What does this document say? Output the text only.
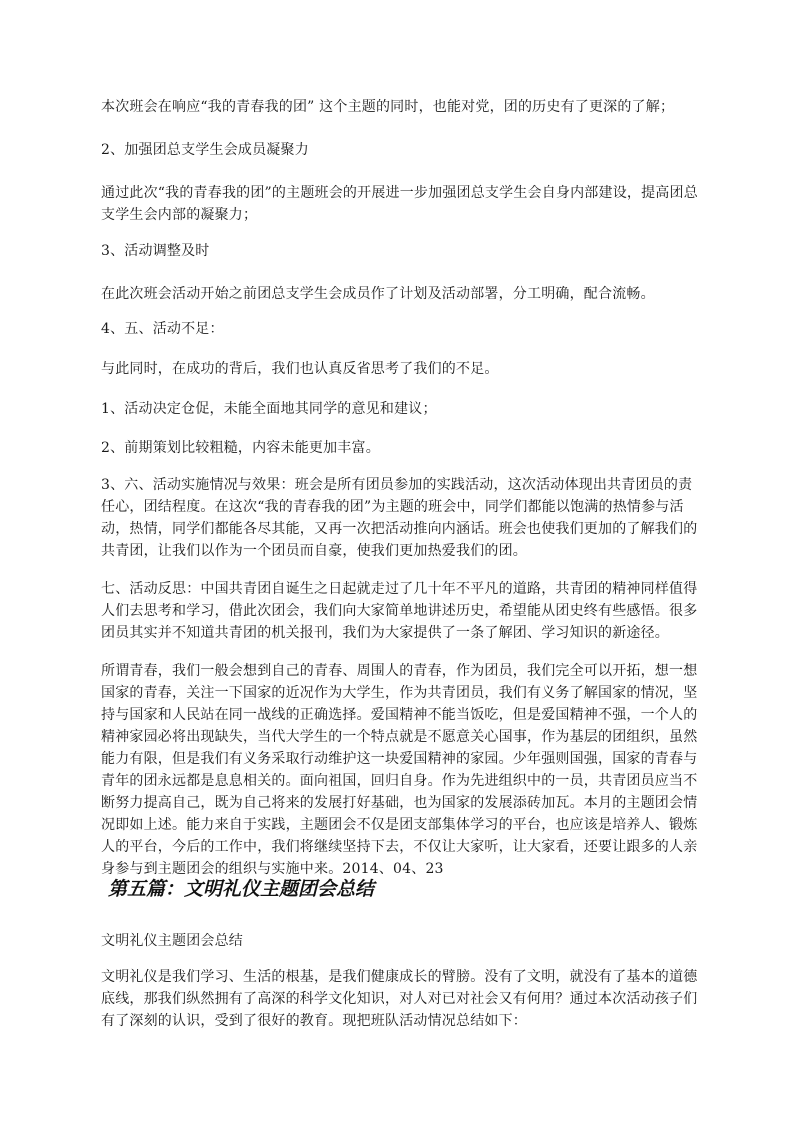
本次班会在响应“我的青春我的团” 这个主题的同时，也能对党，团的历史有了更深的了解；

2、加强团总支学生会成员凝聚力

通过此次“我的青春我的团”的主题班会的开展进一步加强团总支学生会自身内部建设，提高团总支学生会内部的凝聚力；

3、活动调整及时

在此次班会活动开始之前团总支学生会成员作了计划及活动部署，分工明确，配合流畅。

4、五、活动不足：

与此同时，在成功的背后，我们也认真反省思考了我们的不足。

1、活动决定仓促，未能全面地其同学的意见和建议；

2、前期策划比较粗糙，内容未能更加丰富。

3、六、活动实施情况与效果：班会是所有团员参加的实践活动，这次活动体现出共青团员的责任心，团结程度。在这次“我的青春我的团”为主题的班会中，同学们都能以饱满的热情参与活动，热情，同学们都能各尽其能，又再一次把活动推向内涵话。班会也使我们更加的了解我们的共青团，让我们以作为一个团员而自豪，使我们更加热爱我们的团。

七、活动反思：中国共青团自诞生之日起就走过了几十年不平凡的道路，共青团的精神同样值得人们去思考和学习，借此次团会，我们向大家简单地讲述历史，希望能从团史终有些感悟。很多团员其实并不知道共青团的机关报刊，我们为大家提供了一条了解团、学习知识的新途径。

所谓青春，我们一般会想到自己的青春、周围人的青春，作为团员，我们完全可以开拓，想一想国家的青春，关注一下国家的近况作为大学生，作为共青团员，我们有义务了解国家的情况，坚持与国家和人民站在同一战线的正确选择。爱国精神不能当饭吃，但是爱国精神不强，一个人的精神家园必将出现缺失，当代大学生的一个特点就是不愿意关心国事，作为基层的团组织，虽然能力有限，但是我们有义务采取行动维护这一块爱国精神的家园。少年强则国强，国家的青春与青年的团永远都是息息相关的。面向祖国，回归自身。作为先进组织中的一员，共青团员应当不断努力提高自己，既为自己将来的发展打好基础，也为国家的发展添砖加瓦。本月的主题团会情况即如上述。能力来自于实践，主题团会不仅是团支部集体学习的平台，也应该是培养人、锻炼人的平台，今后的工作中，我们将继续坚持下去，不仅让大家听，让大家看，还要让跟多的人亲身参与到主题团会的组织与实施中来。2014、04、23

第五篇：文明礼仪主题团会总结

文明礼仪主题团会总结

文明礼仪是我们学习、生活的根基，是我们健康成长的臂膀。没有了文明，就没有了基本的道德底线，那我们纵然拥有了高深的科学文化知识，对人对已对社会又有何用？通过本次活动孩子们有了深刻的认识，受到了很好的教育。现把班队活动情况总结如下：
